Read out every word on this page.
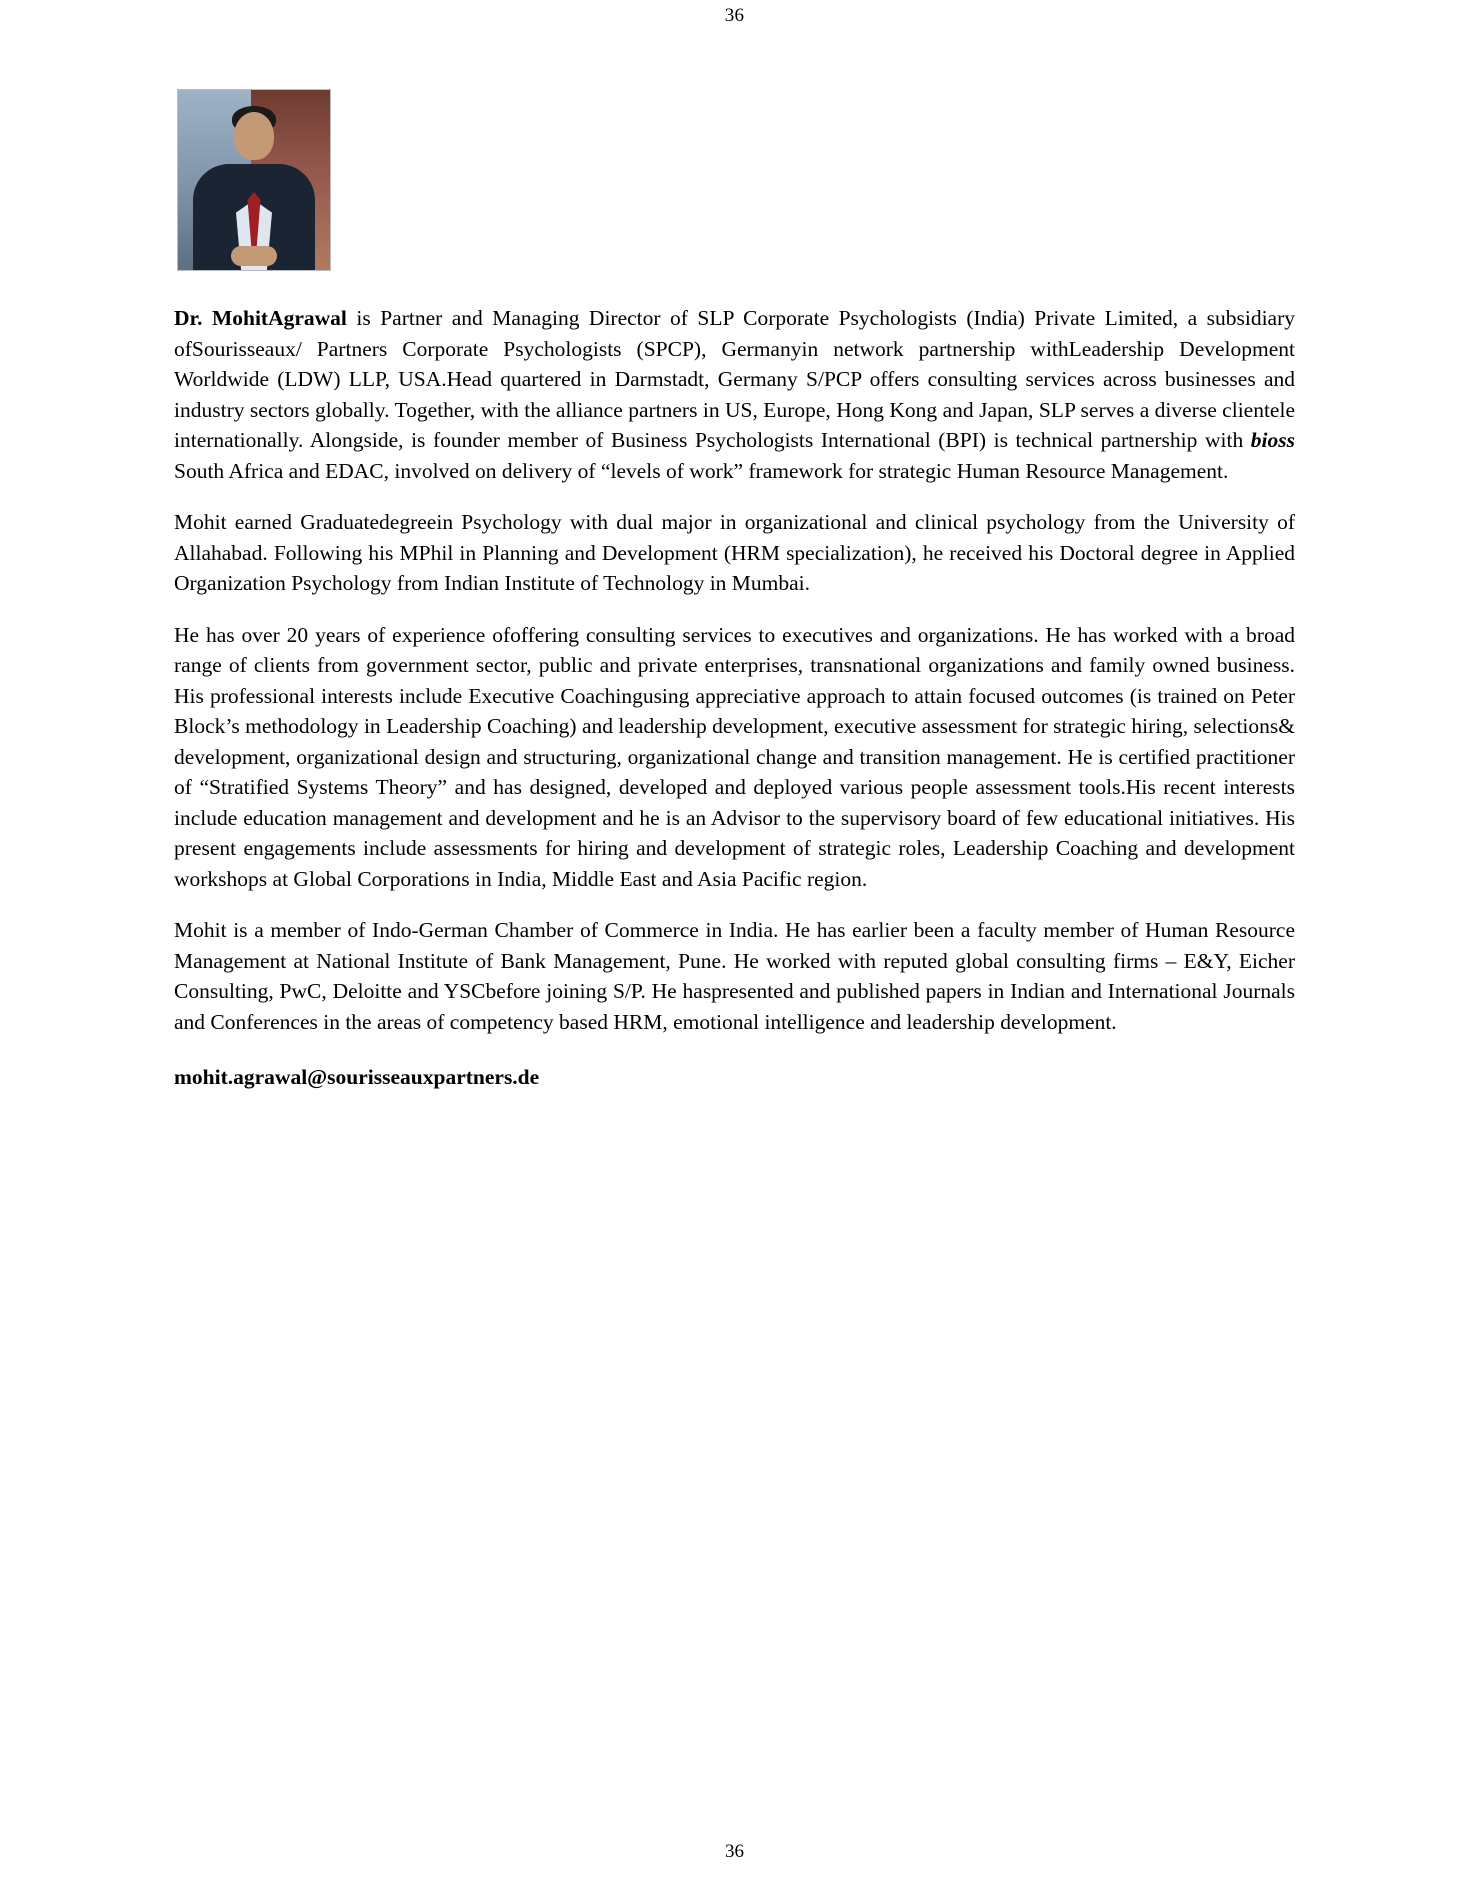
36

Dr. MohitAgrawal is Partner and Managing Director of SLP Corporate Psychologists (India) Private Limited, a subsidiary ofSourisseaux/ Partners Corporate Psychologists (SPCP), Germanyin network partnership withLeadership Development Worldwide (LDW) LLP, USA.Head quartered in Darmstadt, Germany S/PCP offers consulting services across businesses and industry sectors globally. Together, with the alliance partners in US, Europe, Hong Kong and Japan, SLP serves a diverse clientele internationally. Alongside, is founder member of Business Psychologists International (BPI) is technical partnership with bioss South Africa and EDAC, involved on delivery of “levels of work” framework for strategic Human Resource Management.

Mohit earned Graduatedegreein Psychology with dual major in organizational and clinical psychology from the University of Allahabad. Following his MPhil in Planning and Development (HRM specialization), he received his Doctoral degree in Applied Organization Psychology from Indian Institute of Technology in Mumbai.

He has over 20 years of experience ofoffering consulting services to executives and organizations. He has worked with a broad range of clients from government sector, public and private enterprises, transnational organizations and family owned business. His professional interests include Executive Coachingusing appreciative approach to attain focused outcomes (is trained on Peter Block’s methodology in Leadership Coaching) and leadership development, executive assessment for strategic hiring, selections& development, organizational design and structuring, organizational change and transition management. He is certified practitioner of “Stratified Systems Theory” and has designed, developed and deployed various people assessment tools.His recent interests include education management and development and he is an Advisor to the supervisory board of few educational initiatives. His present engagements include assessments for hiring and development of strategic roles, Leadership Coaching and development workshops at Global Corporations in India, Middle East and Asia Pacific region.

Mohit is a member of Indo-German Chamber of Commerce in India. He has earlier been a faculty member of Human Resource Management at National Institute of Bank Management, Pune. He worked with reputed global consulting firms – E&Y, Eicher Consulting, PwC, Deloitte and YSCbefore joining S/P. He haspresented and published papers in Indian and International Journals and Conferences in the areas of competency based HRM, emotional intelligence and leadership development.

mohit.agrawal@sourisseauxpartners.de
36
